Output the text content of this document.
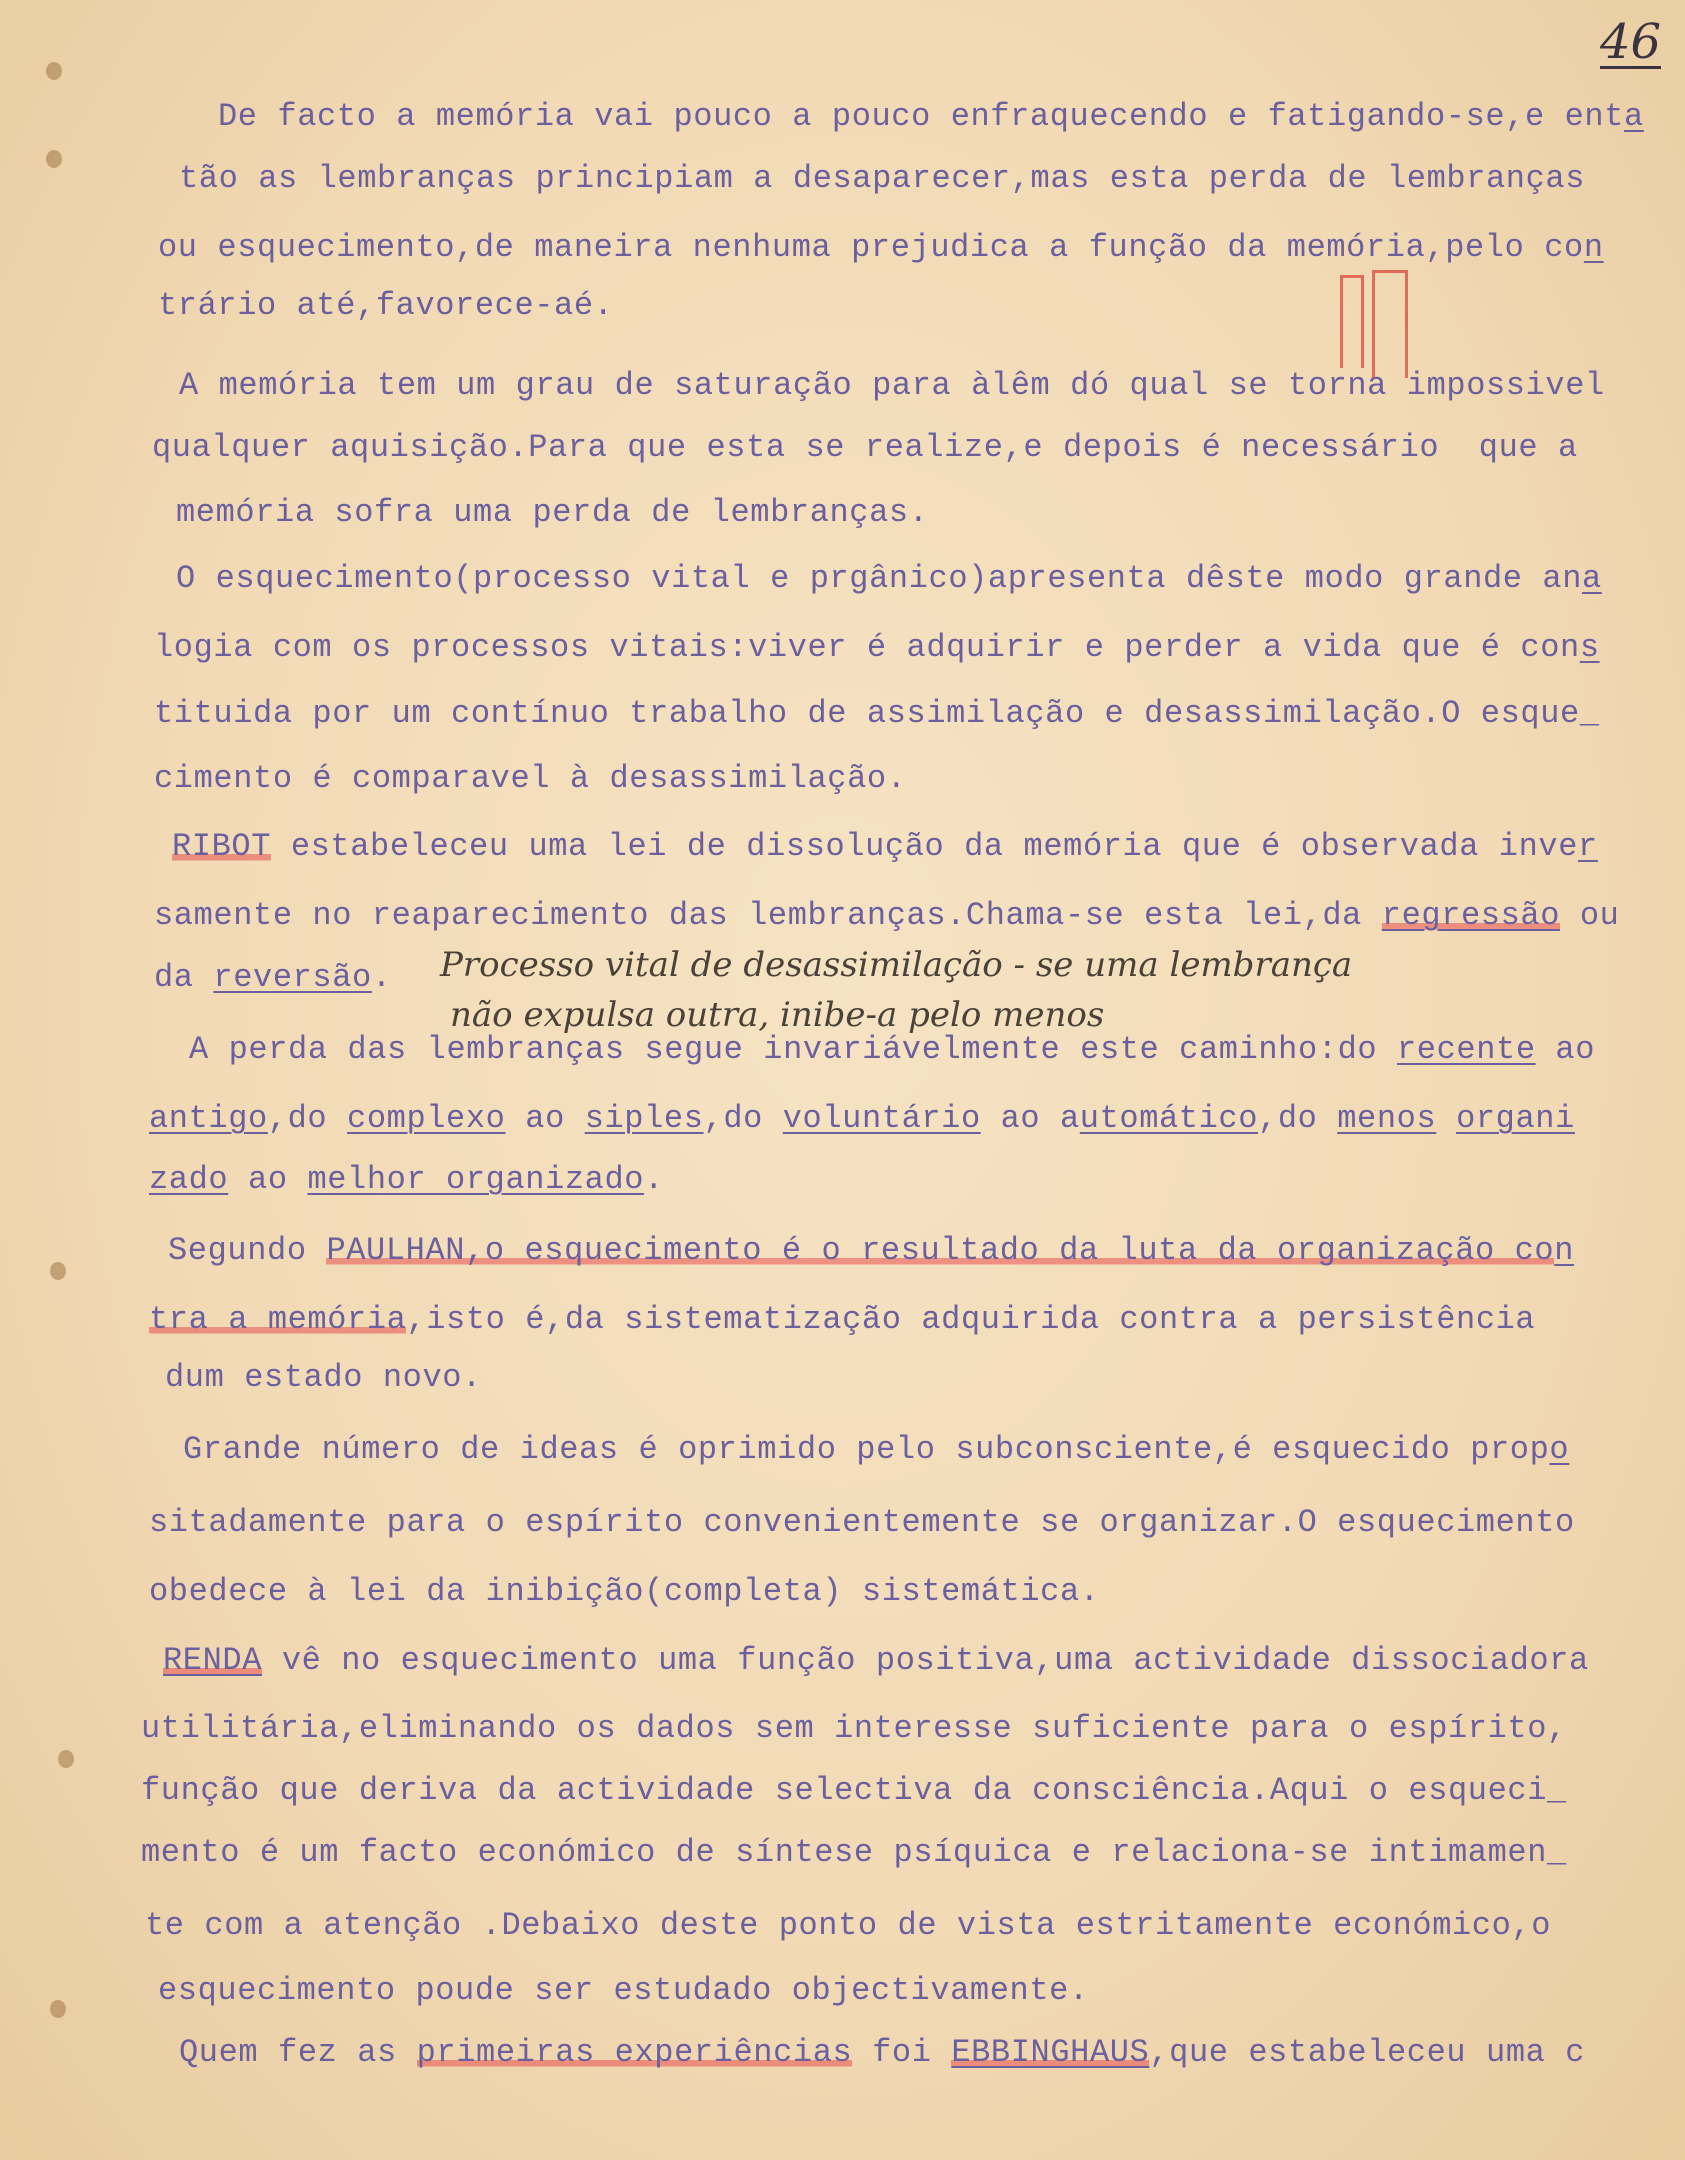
46
De facto a memória vai pouco a pouco enfraquecendo e fatigando-se,e enta
tão as lembranças principiam a desaparecer,mas esta perda de lembranças
ou esquecimento,de maneira nenhuma prejudica a função da memória,pelo con
trário até,favorece-aé.
A memória tem um grau de saturação para àlêm dó qual se torna impossivel
qualquer aquisição.Para que esta se realize,e depois é necessário  que a
memória sofra uma perda de lembranças.
O esquecimento(processo vital e prgânico)apresenta dêste modo grande ana
logia com os processos vitais:viver é adquirir e perder a vida que é cons
tituida por um contínuo trabalho de assimilação e desassimilação.O esque_
cimento é comparavel à desassimilação.
RIBOT estabeleceu uma lei de dissolução da memória que é observada inver
samente no reaparecimento das lembranças.Chama-se esta lei,da regressão ou
da reversão.
A perda das lembranças segue invariávelmente este caminho:do recente ao
antigo,do complexo ao siples,do voluntário ao automático,do menos organi
zado ao melhor organizado.
Segundo PAULHAN,o esquecimento é o resultado da luta da organização con
tra a memória,isto é,da sistematização adquirida contra a persistência
dum estado novo.
Grande número de ideas é oprimido pelo subconsciente,é esquecido propo
sitadamente para o espírito convenientemente se organizar.O esquecimento
obedece à lei da inibição(completa) sistemática.
RENDA vê no esquecimento uma função positiva,uma actividade dissociadora
utilitária,eliminando os dados sem interesse suficiente para o espírito,
função que deriva da actividade selectiva da consciência.Aqui o esqueci_
mento é um facto económico de síntese psíquica e relaciona-se intimamen_
te com a atenção .Debaixo deste ponto de vista estritamente económico,o
esquecimento poude ser estudado objectivamente.
Quem fez as primeiras experiências foi EBBINGHAUS,que estabeleceu uma c
Processo vital de desassimilação - se uma lembrança
não expulsa outra, inibe-a pelo menos
